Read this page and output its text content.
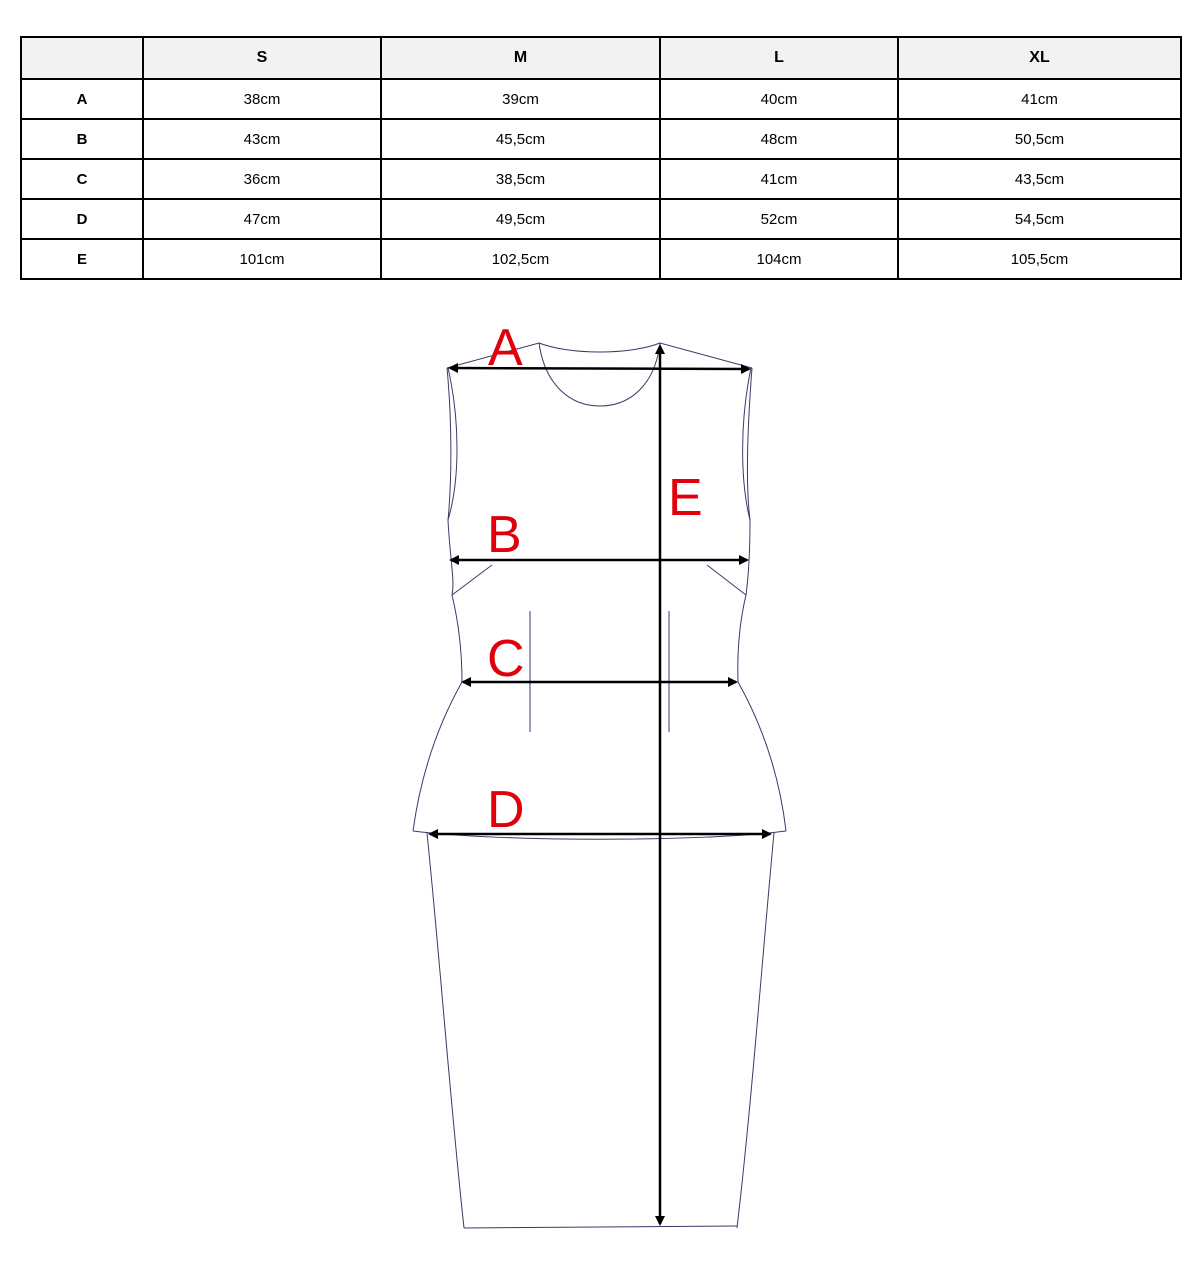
	S	M	L	XL
A	38cm	39cm	40cm	41cm
B	43cm	45,5cm	48cm	50,5cm
C	36cm	38,5cm	41cm	43,5cm
D	47cm	49,5cm	52cm	54,5cm
E	101cm	102,5cm	104cm	105,5cm
A
B
C
D
E
